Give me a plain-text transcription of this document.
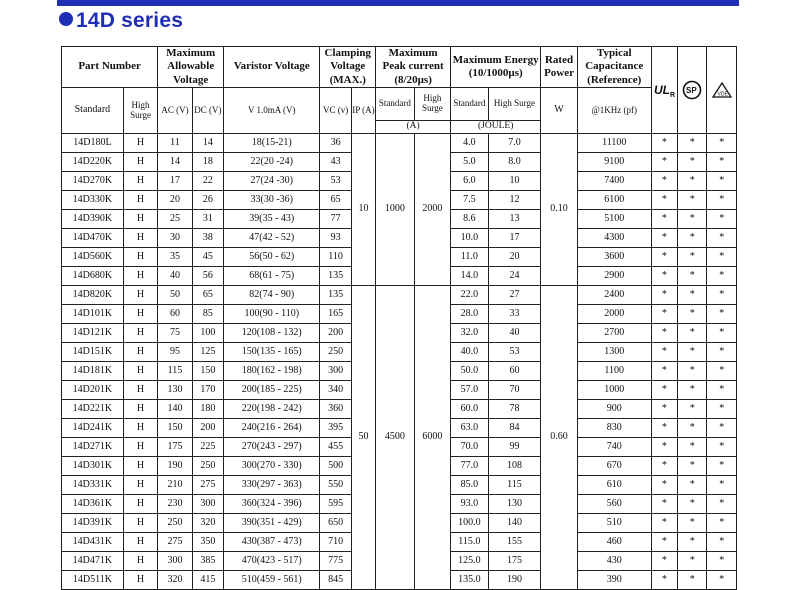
14D series
Part Number		Maximum Allowable Voltage		Varistor Voltage	Clamping Voltage (MAX.)		Maximum Peak current (8/20µs)		Maximum Energy (10/1000µs)		Rated Power	Typical Capacitance (Reference)	UL R	SP	VDE

Standard	High Surge	AC (V)	DC (V)	V 1.0mA (V)	VC (v)	IP (A)	Standard	High Surge	Standard	High Surge	W	@1KHz (pf)			
							(A)		(JOULE)						
14D180L	H	11	14	18(15-21)	36	10	1000	2000	4.0	7.0	0.10	11100	*	*	*
14D220K	H	14	18	22(20 -24)	43				5.0	8.0		9100	*	*	*
14D270K	H	17	22	27(24 -30)	53				6.0	10		7400	*	*	*
14D330K	H	20	26	33(30 -36)	65				7.5	12		6100	*	*	*
14D390K	H	25	31	39(35 - 43)	77				8.6	13		5100	*	*	*
14D470K	H	30	38	47(42 - 52)	93				10.0	17		4300	*	*	*
14D560K	H	35	45	56(50 - 62)	110				11.0	20		3600	*	*	*
14D680K	H	40	56	68(61 - 75)	135				14.0	24		2900	*	*	*
14D820K	H	50	65	82(74 - 90)	135	50	4500	6000	22.0	27	0.60	2400	*	*	*
14D101K	H	60	85	100(90 - 110)	165				28.0	33		2000	*	*	*
14D121K	H	75	100	120(108 - 132)	200				32.0	40		2700	*	*	*
14D151K	H	95	125	150(135 - 165)	250				40.0	53		1300	*	*	*
14D181K	H	115	150	180(162 - 198)	300				50.0	60		1100	*	*	*
14D201K	H	130	170	200(185 - 225)	340				57.0	70		1000	*	*	*
14D221K	H	140	180	220(198 - 242)	360				60.0	78		900	*	*	*
14D241K	H	150	200	240(216 - 264)	395				63.0	84		830	*	*	*
14D271K	H	175	225	270(243 - 297)	455				70.0	99		740	*	*	*
14D301K	H	190	250	300(270 - 330)	500				77.0	108		670	*	*	*
14D331K	H	210	275	330(297 - 363)	550				85.0	115		610	*	*	*
14D361K	H	230	300	360(324 - 396)	595				93.0	130		560	*	*	*
14D391K	H	250	320	390(351 - 429)	650				100.0	140		510	*	*	*
14D431K	H	275	350	430(387 - 473)	710				115.0	155		460	*	*	*
14D471K	H	300	385	470(423 - 517)	775				125.0	175		430	*	*	*
14D511K	H	320	415	510(459 - 561)	845				135.0	190		390	*	*	*
